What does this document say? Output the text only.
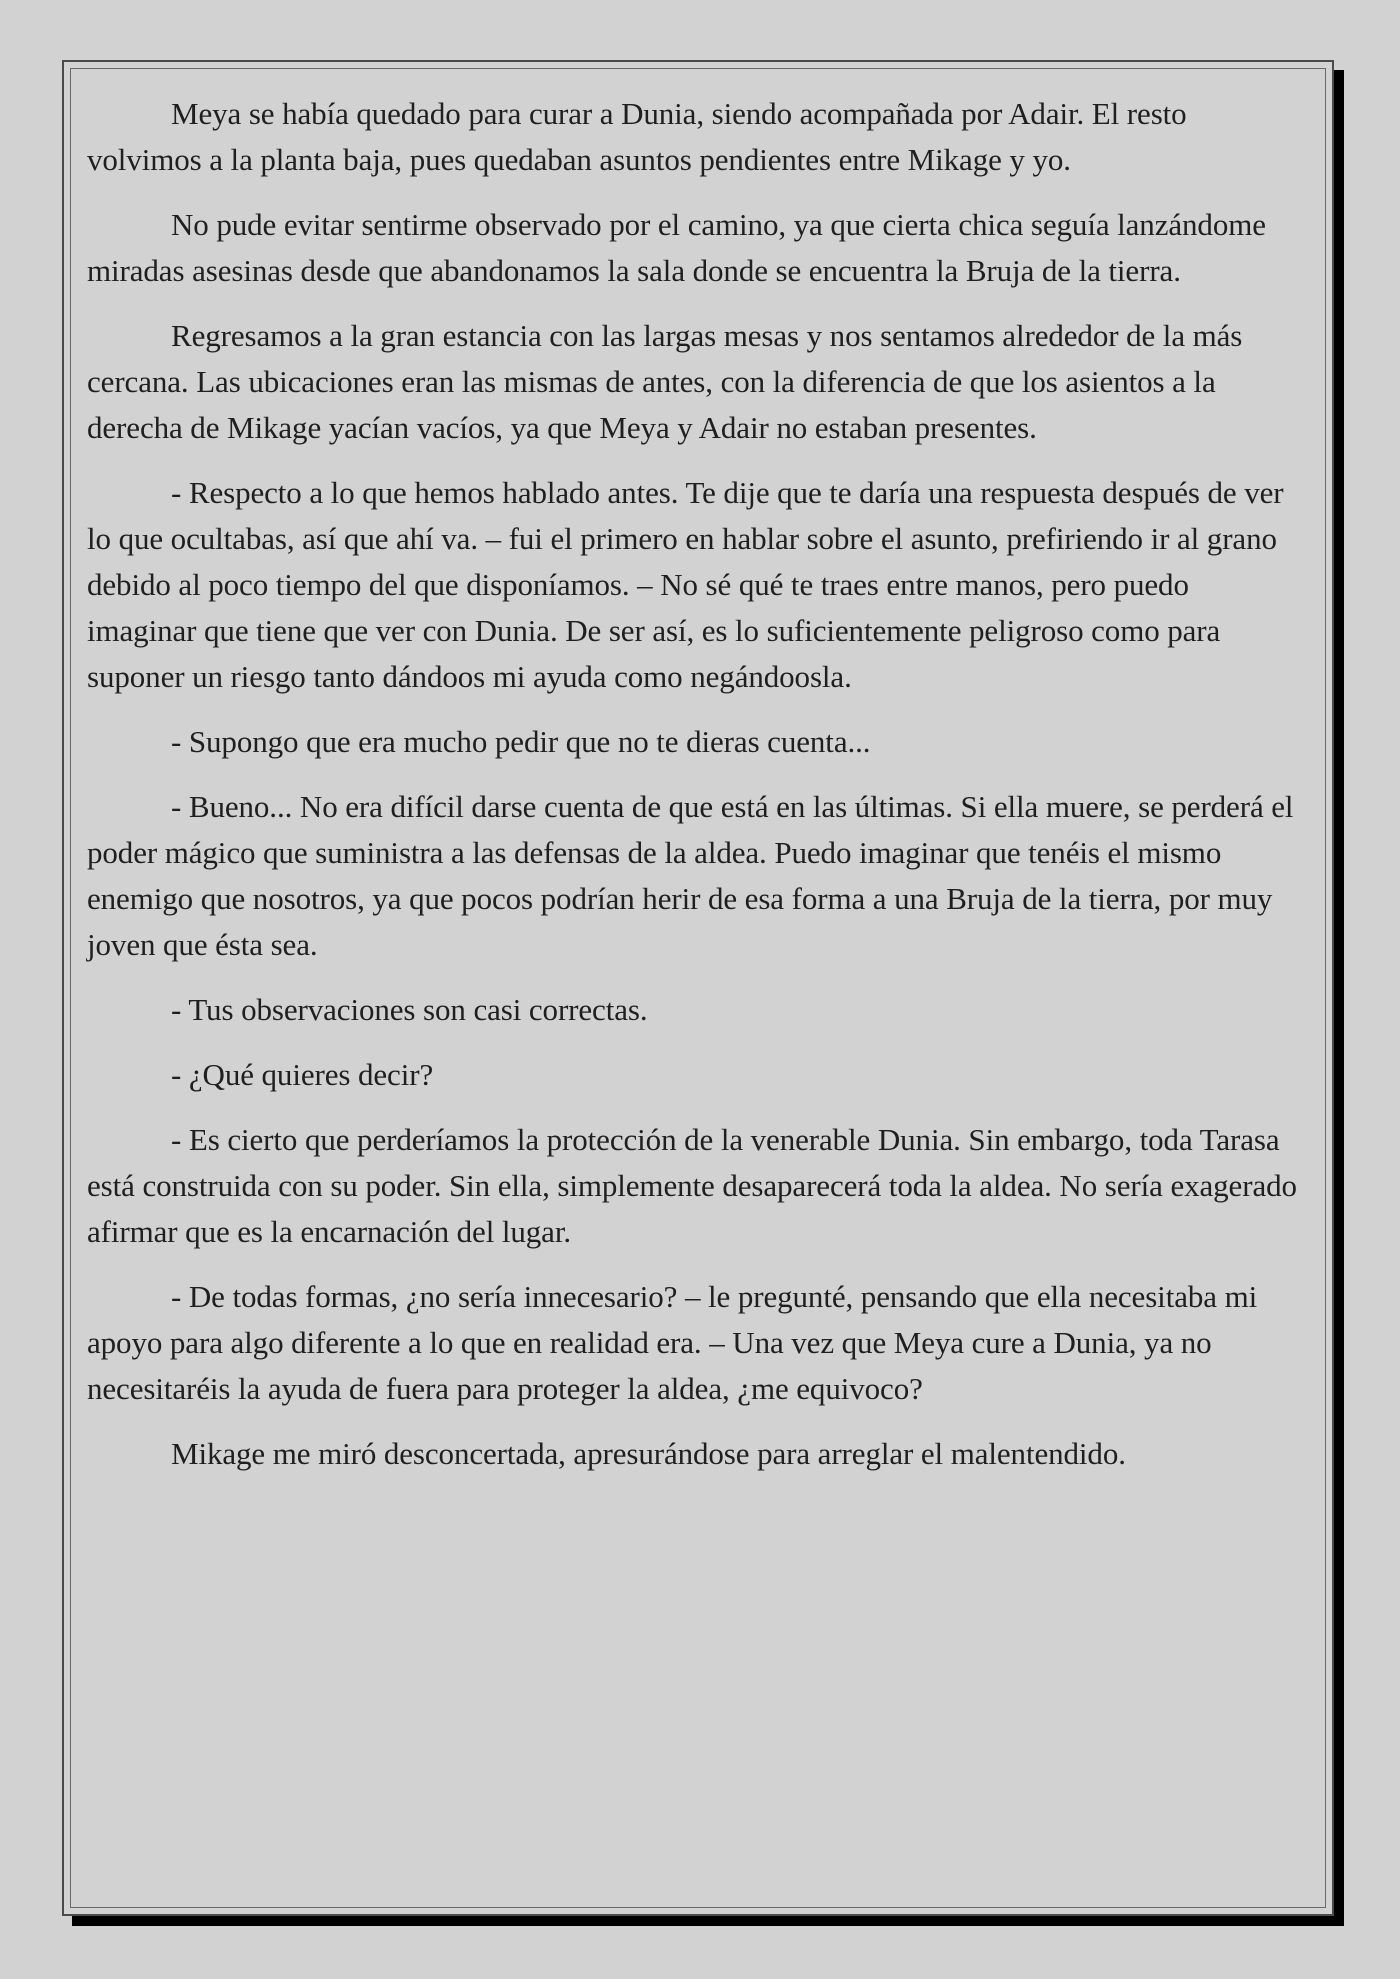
Meya se había quedado para curar a Dunia, siendo acompañada por Adair. El resto volvimos a la planta baja, pues quedaban asuntos pendientes entre Mikage y yo.

No pude evitar sentirme observado por el camino, ya que cierta chica seguía lanzándome miradas asesinas desde que abandonamos la sala donde se encuentra la Bruja de la tierra.

Regresamos a la gran estancia con las largas mesas y nos sentamos alrededor de la más cercana. Las ubicaciones eran las mismas de antes, con la diferencia de que los asientos a la derecha de Mikage yacían vacíos, ya que Meya y Adair no estaban presentes.

- Respecto a lo que hemos hablado antes. Te dije que te daría una respuesta después de ver lo que ocultabas, así que ahí va. – fui el primero en hablar sobre el asunto, prefiriendo ir al grano debido al poco tiempo del que disponíamos. – No sé qué te traes entre manos, pero puedo imaginar que tiene que ver con Dunia. De ser así, es lo suficientemente peligroso como para suponer un riesgo tanto dándoos mi ayuda como negándoosla.

- Supongo que era mucho pedir que no te dieras cuenta...

- Bueno... No era difícil darse cuenta de que está en las últimas. Si ella muere, se perderá el poder mágico que suministra a las defensas de la aldea. Puedo imaginar que tenéis el mismo enemigo que nosotros, ya que pocos podrían herir de esa forma a una Bruja de la tierra, por muy joven que ésta sea.

- Tus observaciones son casi correctas.

- ¿Qué quieres decir?

- Es cierto que perderíamos la protección de la venerable Dunia. Sin embargo, toda Tarasa está construida con su poder. Sin ella, simplemente desaparecerá toda la aldea. No sería exagerado afirmar que es la encarnación del lugar.

- De todas formas, ¿no sería innecesario? – le pregunté, pensando que ella necesitaba mi apoyo para algo diferente a lo que en realidad era. – Una vez que Meya cure a Dunia, ya no necesitaréis la ayuda de fuera para proteger la aldea, ¿me equivoco?

Mikage me miró desconcertada, apresurándose para arreglar el malentendido.
